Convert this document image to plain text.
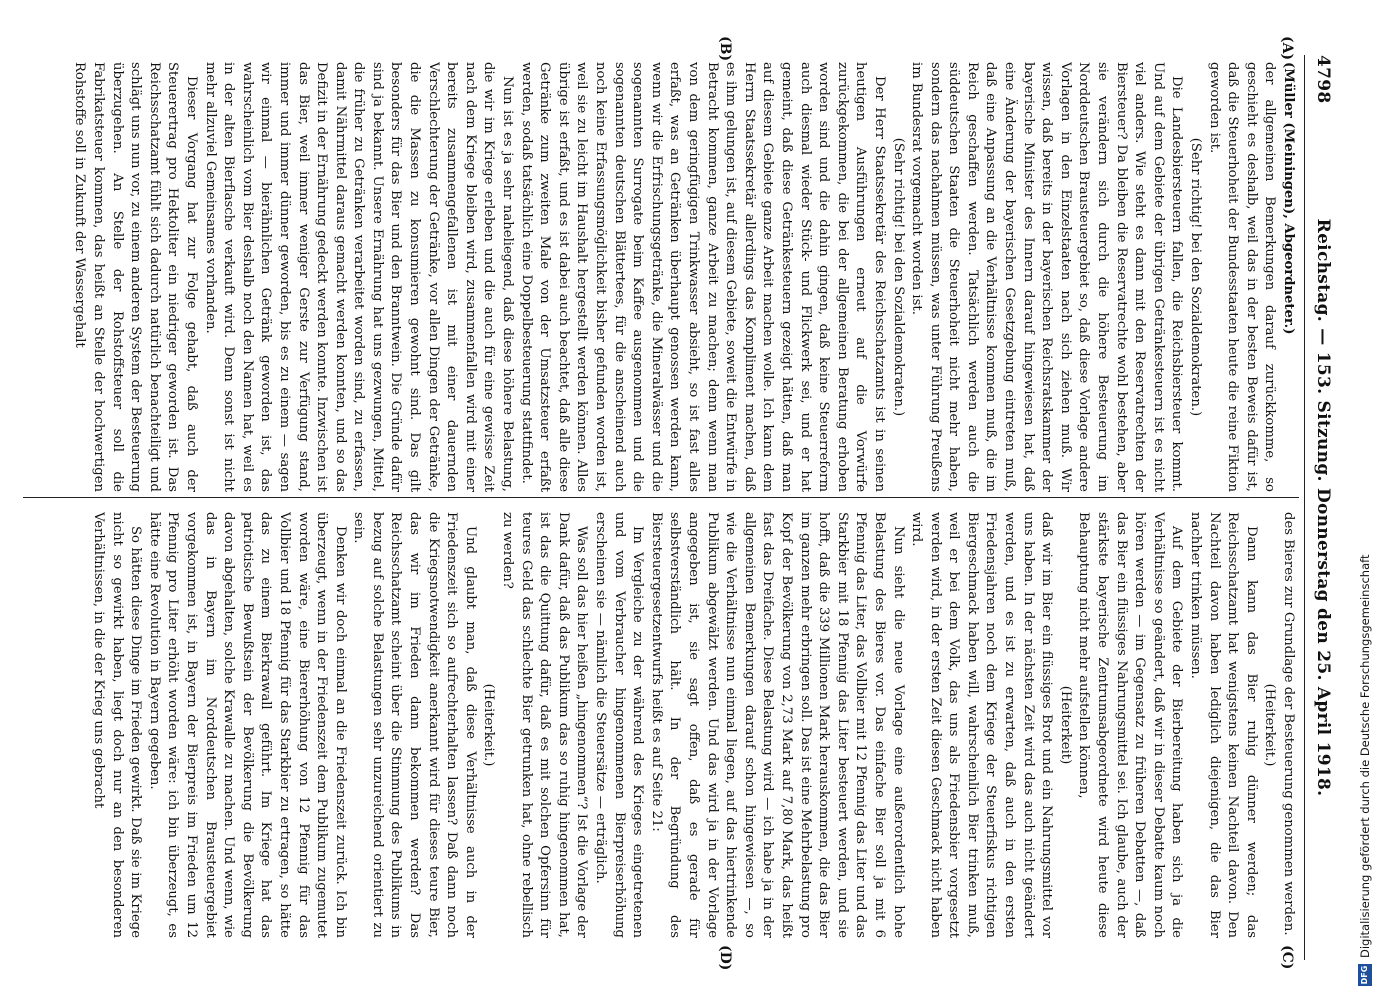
4798
Reichstag. — 153. Sitzung. Donnerstag den 25. April 1918.
(A)
(B)
(C)
(D)

(Müller (Meiningen), Abgeordneter.)

der allgemeinen Bemerkungen darauf zurückkomme, so geschieht es deshalb, weil das in der besten Beweis dafür ist, daß die Steuerhoheit der Bundesstaaten heute die reine Fiktion geworden ist.

(Sehr richtig! bei den Sozialdemokraten.)

Die Landesbiersteuern fallen, die Reichsbiersteuer kommt. Und auf dem Gebiete der übrigen Getränkesteuern ist es nicht viel anders. Wie steht es dann mit den Reservatrechten der Biersteuer? Da bleiben die Reservatrechte wohl bestehen, aber sie verändern sich durch die höhere Besteuerung im Norddeutschen Brausteuergebiet so, daß diese Vorlage andere Vorlagen in den Einzelstaaten nach sich ziehen muß. Wir wissen, daß bereits in der bayerischen Reichsratskammer der bayerische Minister des Innern darauf hingewiesen hat, daß eine Änderung der bayerischen Gesetzgebung eintreten muß, daß eine Anpassung an die Verhältnisse kommen muß, die im Reich geschaffen werden. Tatsächlich werden auch die süddeutschen Staaten die Steuerhoheit nicht mehr haben, sondern das nachahmen müssen, was unter Führung Preußens im Bundesrat vorgemacht worden ist.

(Sehr richtig! bei den Sozialdemokraten.)

Der Herr Staatssekretär des Reichsschatzamts ist in seinen heutigen Ausführungen erneut auf die Vorwürfe zurückgekommen, die bei der allgemeinen Beratung erhoben worden sind und die dahin gingen, daß keine Steuerreform auch diesmal wieder Stück- und Flickwerk sei, und er hat gemeint, daß diese Getränkesteuern gezeigt hätten, daß man auf diesem Gebiete ganze Arbeit machen wolle. Ich kann dem Herrn Staatssekretär allerdings das Kompliment machen, daß es ihm gelungen ist, auf diesem Gebiete, soweit die Entwürfe in Betracht kommen, ganze Arbeit zu machen; denn wenn man von dem geringfügigen Trinkwasser absieht, so ist fast alles erfaßt, was an Getränken überhaupt genossen werden kann, wenn wir die Erfrischungsgetränke, die Mineralwässer und die sogenannten Surrogate beim Kaffee ausgenommen und die sogenannten deutschen Blättertees, für die anscheinend auch noch keine Erfassungsmöglichkeit bisher gefunden worden ist, weil sie zu leicht im Haushalt hergestellt werden können. Alles übrige ist erfaßt, und es ist dabei auch beachtet, daß alle diese Getränke zum zweiten Male von der Umsatzsteuer erfaßt werden, sodaß tatsächlich eine Doppelbesteuerung stattfindet.

Nun ist es ja sehr naheliegend, daß diese höhere Belastung, die wir im Kriege erleben und die auch für eine gewisse Zeit nach dem Kriege bleiben wird, zusammenfallen wird mit einer bereits zusammengefallenen ist mit einer dauernden Verschlechterung der Getränke, vor allen Dingen der Getränke, die die Massen zu konsumieren gewohnt sind. Das gilt besonders für das Bier und den Branntwein. Die Gründe dafür sind ja bekannt. Unsere Ernährung hat uns gezwungen, Mittel, die früher zu Getränken verarbeitet worden sind, zu erfassen, damit Nährmittel daraus gemacht werden konnten, und so das Defizit in der Ernährung gedeckt werden konnte. Inzwischen ist das Bier, weil immer weniger Gerste zur Verfügung stand, immer und immer dünner geworden, bis es zu einem — sagen wir einmal — bierähnlichen Getränk geworden ist, das wahrscheinlich vom Bier deshalb noch den Namen hat, weil es in der alten Bierflasche verkauft wird. Denn sonst ist nicht mehr allzuviel Gemeinsames vorhanden.

Dieser Vorgang hat zur Folge gehabt, daß auch der Steuerertrag pro Hektoliter ein niedriger geworden ist. Das Reichsschatzamt fühlt sich dadurch natürlich benachteiligt und schlägt uns nun vor, zu einem anderen System der Besteuerung überzugehen. An Stelle der Rohstoffsteuer soll die Fabrikatsteuer kommen, das heißt an Stelle der hochwertigen Rohstoffe soll in Zukunft der Wassergehalt

des Bieres zur Grundlage der Besteuerung genommen werden.

(Heiterkeit.)

Dann kann das Bier ruhig dünner werden; das Reichsschatzamt hat wenigstens keinen Nachteil davon. Den Nachteil davon haben lediglich diejenigen, die das Bier nachher trinken müssen.

Auf dem Gebiete der Bierbereitung haben sich ja die Verhältnisse so geändert, daß wir in dieser Debatte kaum noch hören werden — im Gegensatz zu früheren Debatten —, daß das Bier ein flüssiges Nahrungsmittel sei. Ich glaube, auch der stärkste bayerische Zentrumsabgeordnete wird heute diese Behauptung nicht mehr aufstellen können,

(Heiterkeit)

daß wir im Bier ein flüssiges Brot und ein Nahrungsmittel vor uns haben. In der nächsten Zeit wird das auch nicht geändert werden, und es ist zu erwarten, daß auch in den ersten Friedensjahren noch dem Kriege der Steuerfiskus richtigen Biergeschmack haben will, wahrscheinlich Bier trinken muß, weil er bei dem Volk, das uns als Friedensbier vorgesetzt werden wird, in der ersten Zeit diesen Geschmack nicht haben wird.

Nun sieht die neue Vorlage eine außerordentlich hohe Belastung des Bieres vor. Das einfache Bier soll ja mit 6 Pfennig das Liter, das Vollbier mit 12 Pfennig das Liter und das Starkbier mit 18 Pfennig das Liter besteuert werden, und sie hofft, daß die 339 Millionen Mark herauskommen, die das Bier im ganzen mehr erbringen soll. Das ist eine Mehrbelastung pro Kopf der Bevölkerung von 2,73 Mark auf 7,80 Mark, das heißt fast das Dreifache. Diese Belastung wird — ich habe ja in der allgemeinen Bemerkungen darauf schon hingewiesen —, so wie die Verhältnisse nun einmal liegen, auf das hiertrinkende Publikum abgewälzt werden. Und das wird ja in der Vorlage angegeben ist, sie sagt offen, daß es gerade für selbstverständlich hält. In der Begründung des Biersteuergesetzentwurfs heißt es auf Seite 21:

Im Vergleiche zu der während des Krieges eingetretenen und vom Verbraucher hingenommenen Bierpreiserhöhung erscheinen sie — nämlich die Steuersätze — erträglich.

Was soll das hier heißen „hingenommen“? Ist die Vorlage der Dank dafür, daß das Publikum das so ruhig hingenommen hat, ist das die Quittung dafür, daß es mit solchen Opfersinn für teures Geld das schlechte Bier getrunken hat, ohne rebellisch zu werden?

(Heiterkeit.)

Und glaubt man, daß diese Verhältnisse auch in der Friedenszeit sich so aufrechterhalten lassen? Daß dann noch die Kriegsnotwendigkeit anerkannt wird für dieses teure Bier, das wir im Frieden dann bekommen werden? Das Reichsschatzamt scheint über die Stimmung des Publikums in bezug auf solche Belastungen sehr unzureichend orientiert zu sein.

Denken wir doch einmal an die Friedenszeit zurück. Ich bin überzeugt, wenn in der Friedenszeit dem Publikum zugemutet worden wäre, eine Biererhöhung von 12 Pfennig für das Vollbier und 18 Pfennig für das Starkbier zu ertragen, so hätte das zu einem Bierkrawall geführt. Im Kriege hat das patriotische Bewußtsein der Bevölkerung die Bevölkerung davon abgehalten, solche Krawalle zu machen. Und wenn, wie das in Bayern im Norddeutschen Brausteuergebiet vorgekommen ist, in Bayern der Bierpreis im Frieden um 12 Pfennig pro Liter erhöht worden wäre: ich bin überzeugt, es hätte eine Revolution in Bayern gegeben.

So hätten diese Dinge im Frieden gewirkt. Daß sie im Kriege nicht so gewirkt haben, liegt doch nur an den besonderen Verhältnissen, in die der Krieg uns gebracht

DFG
Digitalisierung gefördert durch die Deutsche Forschungsgemeinschaft
